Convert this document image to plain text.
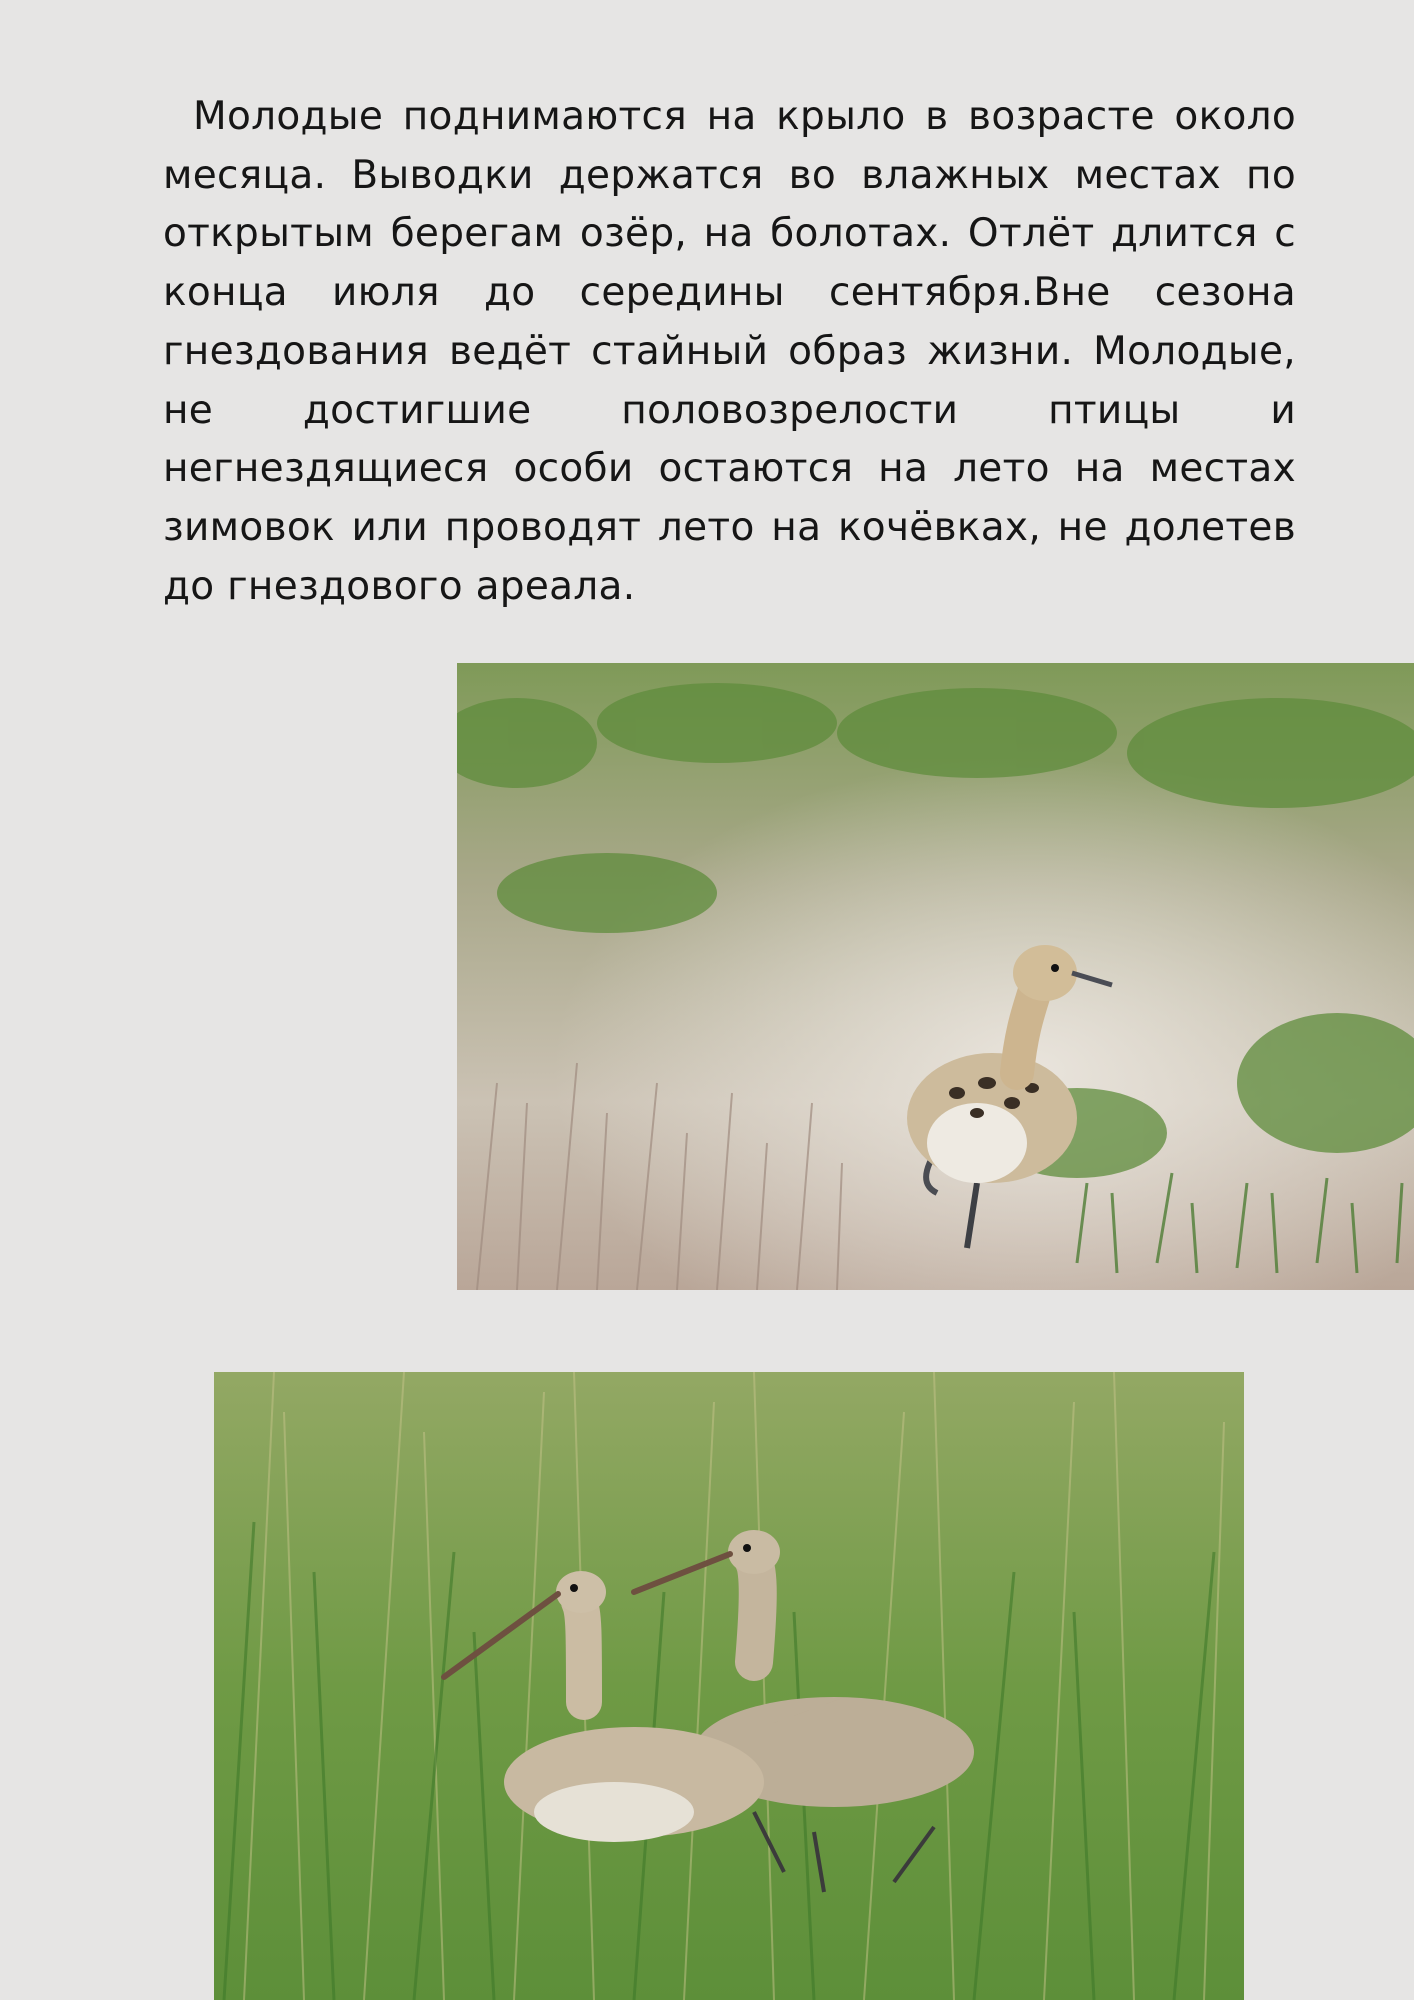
Молодые поднимаются на крыло в возрасте около месяца. Выводки держатся во влажных местах по открытым берегам озёр, на болотах. Отлёт длится с конца июля до середины сентября.Вне сезона гнездования ведёт стайный образ жизни. Молодые, не достигшие половозрелости птицы и негнездящиеся особи остаются на лето на местах зимовок или проводят лето на кочёвках, не долетев до гнездового ареала.
